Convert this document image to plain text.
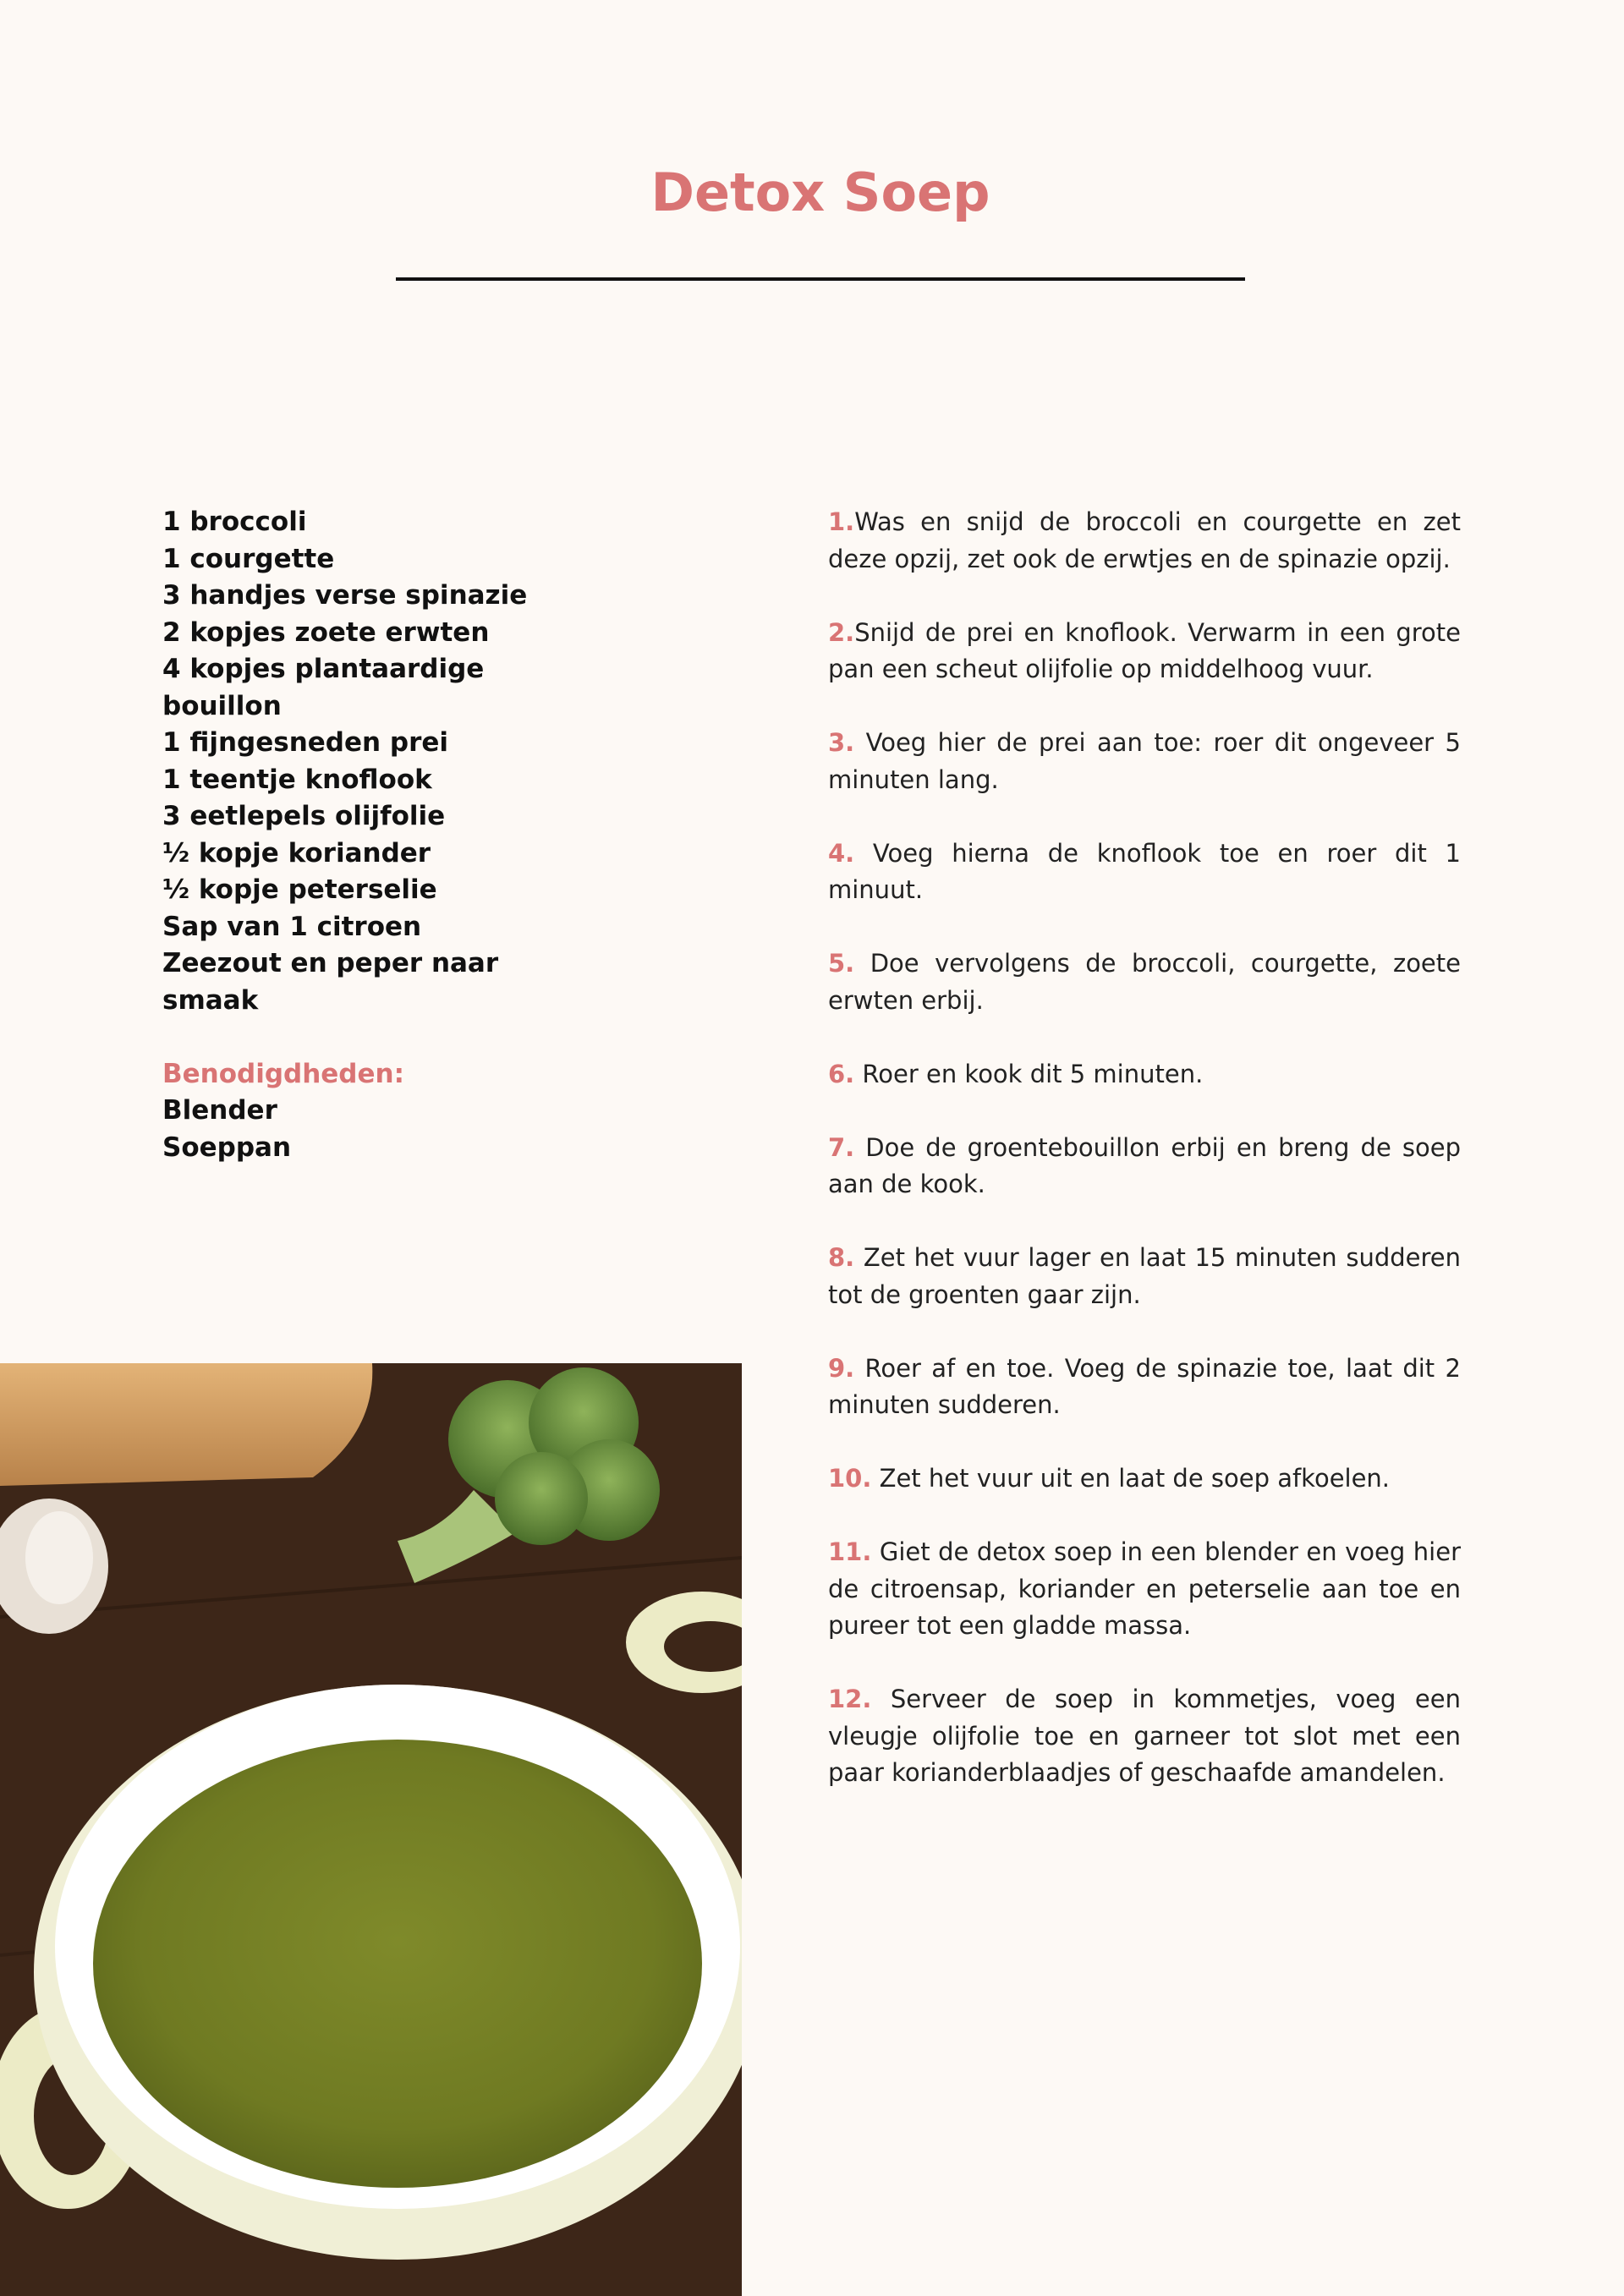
Detox Soep
1 broccoli
1 courgette
3 handjes verse spinazie
2 kopjes zoete erwten
4 kopjes plantaardige bouillon
1 fijngesneden prei
1 teentje knoflook
3 eetlepels olijfolie
½ kopje koriander
½ kopje peterselie
Sap van 1 citroen
Zeezout en peper naar smaak
Benodigdheden:
Blender
Soeppan

1.Was en snijd de broccoli en courgette en zet deze opzij, zet ook de erwtjes en de spinazie opzij.

2.Snijd de prei en knoflook. Verwarm in een grote pan een scheut olijfolie op middelhoog vuur.

3. Voeg hier de prei aan toe: roer dit ongeveer 5 minuten lang.

4. Voeg hierna de knoflook toe en roer dit 1 minuut.

5. Doe vervolgens de broccoli, courgette, zoete erwten erbij.

6. Roer en kook dit 5 minuten.

7. Doe de groentebouillon erbij en breng de soep aan de kook.

8. Zet het vuur lager en laat 15 minuten sudderen tot de groenten gaar zijn.

9. Roer af en toe. Voeg de spinazie toe, laat dit 2 minuten sudderen.

10. Zet het vuur uit en laat de soep afkoelen.

11. Giet de detox soep in een blender en voeg hier de citroensap, koriander en peterselie aan toe en pureer tot een gladde massa.

12. Serveer de soep in kommetjes, voeg een vleugje olijfolie toe en garneer tot slot met een paar korianderblaadjes of geschaafde amandelen.
